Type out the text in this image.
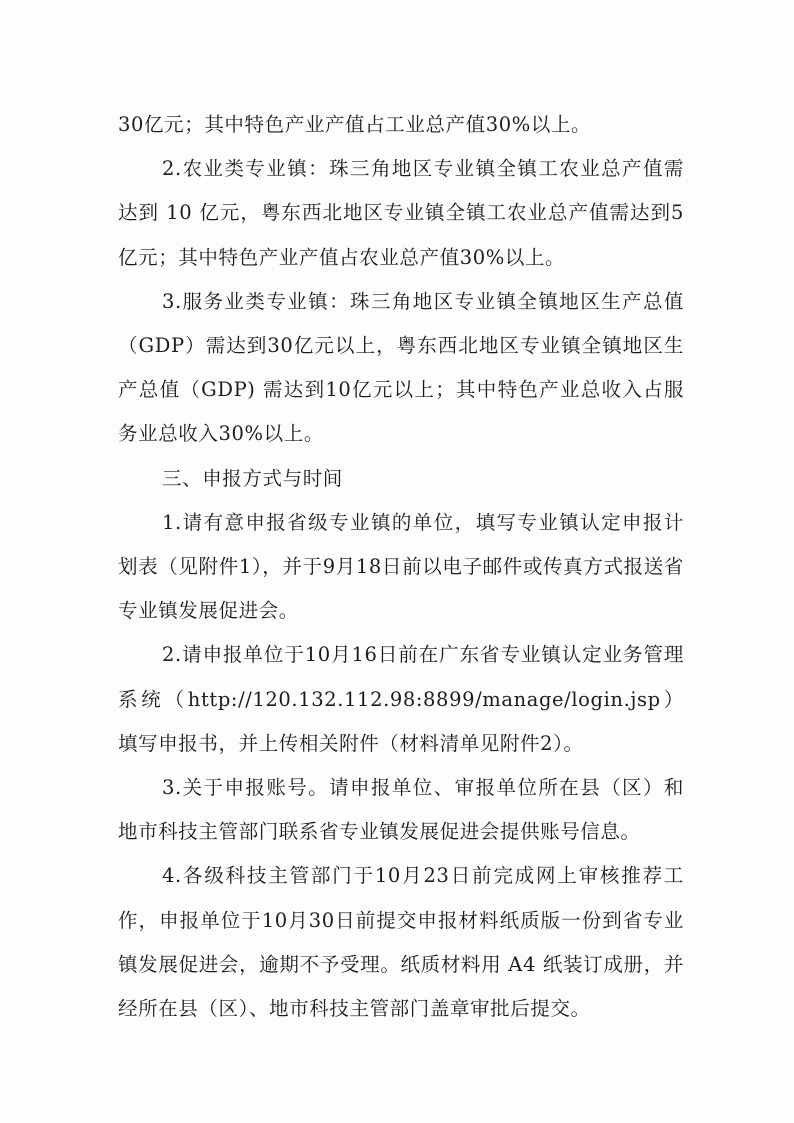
30亿元；其中特色产业产值占工业总产值30%以上。

2.农业类专业镇：珠三角地区专业镇全镇工农业总产值需达到 10 亿元，粤东西北地区专业镇全镇工农业总产值需达到5亿元；其中特色产业产值占农业总产值30%以上。

3.服务业类专业镇：珠三角地区专业镇全镇地区生产总值（GDP）需达到30亿元以上，粤东西北地区专业镇全镇地区生产总值（GDP) 需达到10亿元以上；其中特色产业总收入占服务业总收入30%以上。

三、申报方式与时间

1.请有意申报省级专业镇的单位，填写专业镇认定申报计划表（见附件1），并于9月18日前以电子邮件或传真方式报送省专业镇发展促进会。

2.请申报单位于10月16日前在广东省专业镇认定业务管理系统（http://120.132.112.98:8899/manage/login.jsp）填写申报书，并上传相关附件（材料清单见附件2）。

3.关于申报账号。请申报单位、审报单位所在县（区）和地市科技主管部门联系省专业镇发展促进会提供账号信息。

4.各级科技主管部门于10月23日前完成网上审核推荐工作，申报单位于10月30日前提交申报材料纸质版一份到省专业镇发展促进会，逾期不予受理。纸质材料用 A4 纸装订成册，并经所在县（区）、地市科技主管部门盖章审批后提交。
